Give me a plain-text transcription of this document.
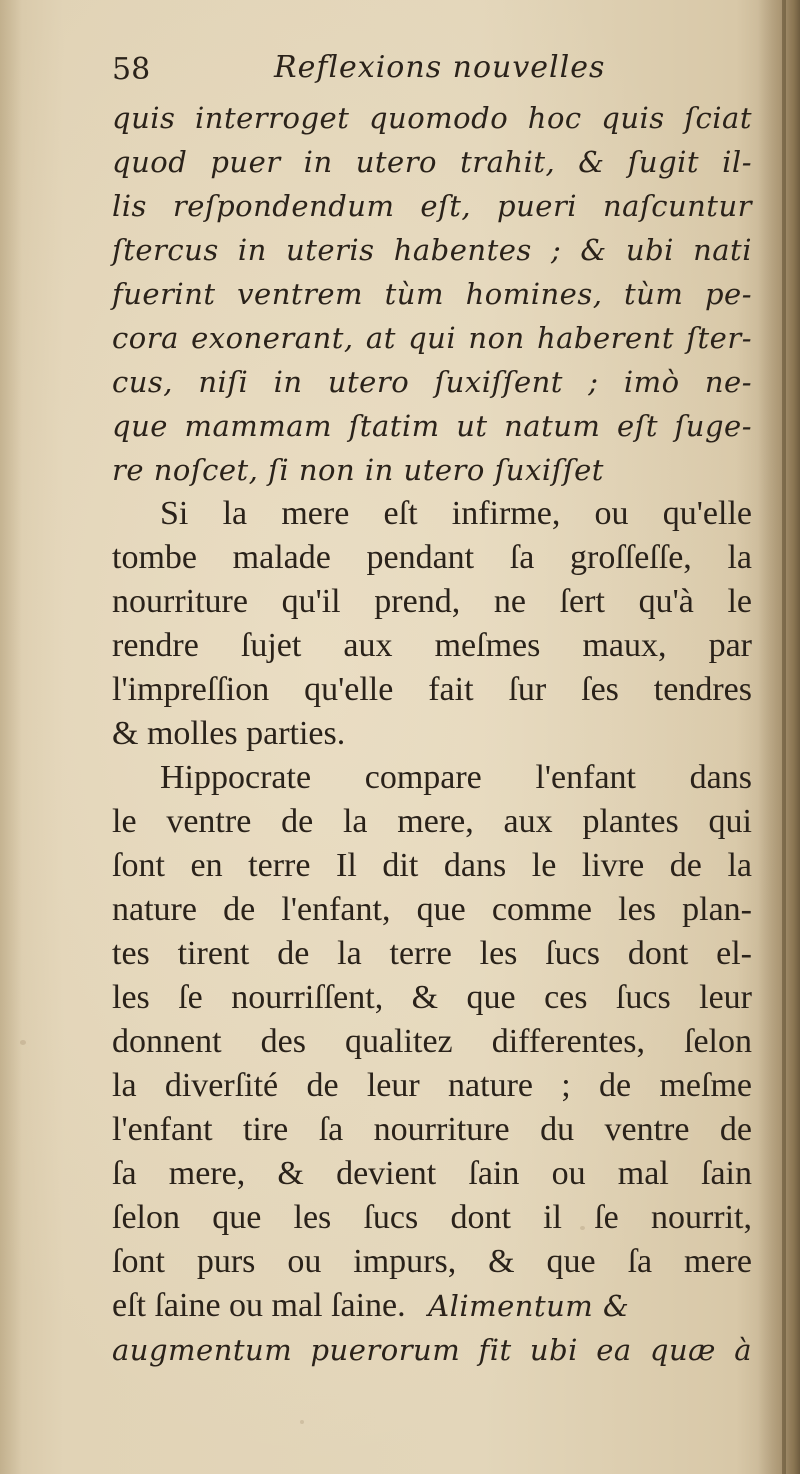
58	Reflexions nouvelles
quis interroget quomodo hoc quis ſciat
quod puer in utero trahit, & ſugit il-
lis reſpondendum eſt, pueri naſcuntur
ſtercus in uteris habentes ; & ubi nati
fuerint ventrem tùm homines, tùm pe-
cora exonerant, at qui non haberent ſter-
cus, niſi in utero ſuxiſſent ; imò ne-
que mammam ſtatim ut natum eſt ſuge-
re noſcet, ſi non in utero ſuxiſſet
Si la mere eſt infirme, ou qu'elle
tombe malade pendant ſa groſſeſſe, la
nourriture qu'il prend, ne ſert qu'à le
rendre ſujet aux meſmes maux, par
l'impreſſion qu'elle fait ſur ſes tendres
& molles parties.
Hippocrate compare l'enfant dans
le ventre de la mere, aux plantes qui
ſont en terre Il dit dans le livre de la
nature de l'enfant, que comme les plan-
tes tirent de la terre les ſucs dont el-
les ſe nourriſſent, & que ces ſucs leur
donnent des qualitez differentes, ſelon
la diverſité de leur nature ; de meſme
l'enfant tire ſa nourriture du ventre de
ſa mere, & devient ſain ou mal ſain
ſelon que les ſucs dont il ſe nourrit,
ſont purs ou impurs, & que ſa mere
eſt ſaine ou mal ſaine. Alimentum &
augmentum puerorum fit ubi ea quæ à
